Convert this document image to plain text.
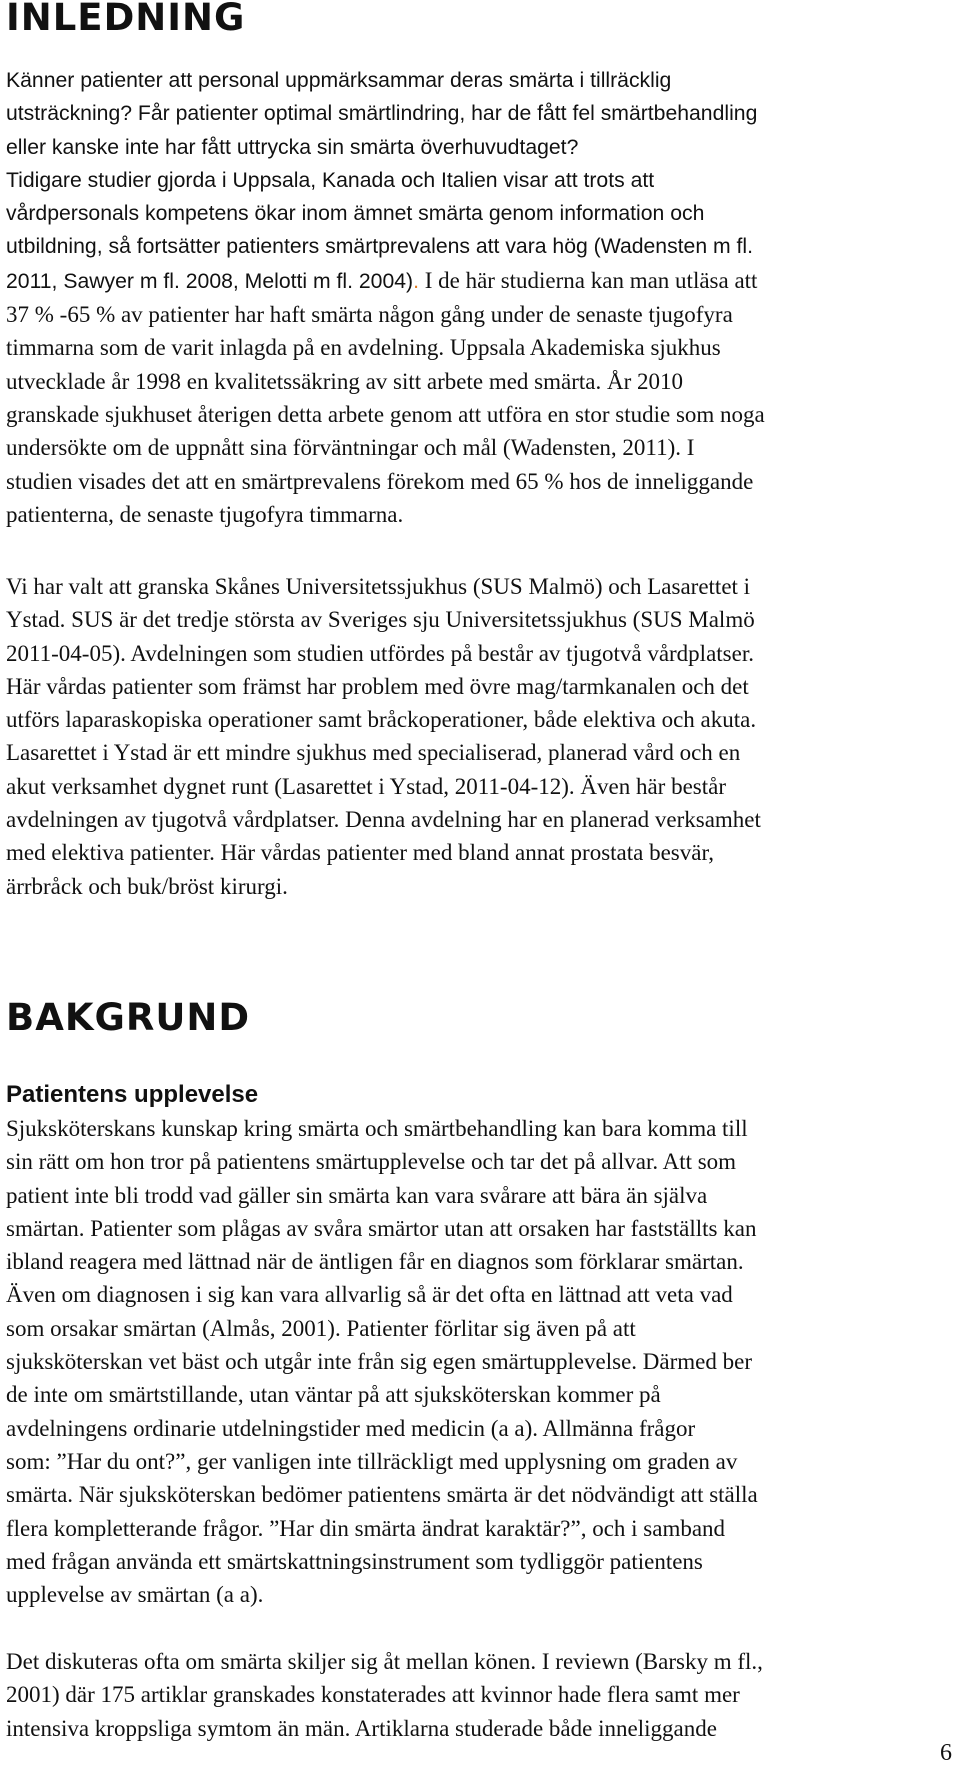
INLEDNING
Känner patienter att personal uppmärksammar deras smärta i tillräcklig
utsträckning? Får patienter optimal smärtlindring, har de fått fel smärtbehandling
eller kanske inte har fått uttrycka sin smärta överhuvudtaget?
Tidigare studier gjorda i Uppsala, Kanada och Italien visar att trots att
vårdpersonals kompetens ökar inom ämnet smärta genom information och
utbildning, så fortsätter patienters smärtprevalens att vara hög (Wadensten m fl.
2011, Sawyer m fl. 2008, Melotti m fl. 2004). I de här studierna kan man utläsa att
37 % -65 % av patienter har haft smärta någon gång under de senaste tjugofyra
timmarna som de varit inlagda på en avdelning. Uppsala Akademiska sjukhus
utvecklade år 1998 en kvalitetssäkring av sitt arbete med smärta. År 2010
granskade sjukhuset återigen detta arbete genom att utföra en stor studie som noga
undersökte om de uppnått sina förväntningar och mål (Wadensten, 2011). I
studien visades det att en smärtprevalens förekom med 65 % hos de inneliggande
patienterna, de senaste tjugofyra timmarna.
Vi har valt att granska Skånes Universitetssjukhus (SUS Malmö) och Lasarettet i
Ystad. SUS är det tredje största av Sveriges sju Universitetssjukhus (SUS Malmö
2011-04-05). Avdelningen som studien utfördes på består av tjugotvå vårdplatser.
Här vårdas patienter som främst har problem med övre mag/tarmkanalen och det
utförs laparaskopiska operationer samt bråckoperationer, både elektiva och akuta.
Lasarettet i Ystad är ett mindre sjukhus med specialiserad, planerad vård och en
akut verksamhet dygnet runt (Lasarettet i Ystad, 2011-04-12). Även här består
avdelningen av tjugotvå vårdplatser. Denna avdelning har en planerad verksamhet
med elektiva patienter. Här vårdas patienter med bland annat prostata besvär,
ärrbråck och buk/bröst kirurgi.
BAKGRUND
Patientens upplevelse
Sjuksköterskans kunskap kring smärta och smärtbehandling kan bara komma till
sin rätt om hon tror på patientens smärtupplevelse och tar det på allvar. Att som
patient inte bli trodd vad gäller sin smärta kan vara svårare att bära än själva
smärtan. Patienter som plågas av svåra smärtor utan att orsaken har fastställts kan
ibland reagera med lättnad när de äntligen får en diagnos som förklarar smärtan.
Även om diagnosen i sig kan vara allvarlig så är det ofta en lättnad att veta vad
som orsakar smärtan (Almås, 2001). Patienter förlitar sig även på att
sjuksköterskan vet bäst och utgår inte från sig egen smärtupplevelse. Därmed ber
de inte om smärtstillande, utan väntar på att sjuksköterskan kommer på
avdelningens ordinarie utdelningstider med medicin (a a). Allmänna frågor
som: ”Har du ont?”, ger vanligen inte tillräckligt med upplysning om graden av
smärta. När sjuksköterskan bedömer patientens smärta är det nödvändigt att ställa
flera kompletterande frågor. ”Har din smärta ändrat karaktär?”, och i samband
med frågan använda ett smärtskattningsinstrument som tydliggör patientens
upplevelse av smärtan (a a).
Det diskuteras ofta om smärta skiljer sig åt mellan könen. I reviewn (Barsky m fl.,
2001) där 175 artiklar granskades konstaterades att kvinnor hade flera samt mer
intensiva kroppsliga symtom än män. Artiklarna studerade både inneliggande
6
